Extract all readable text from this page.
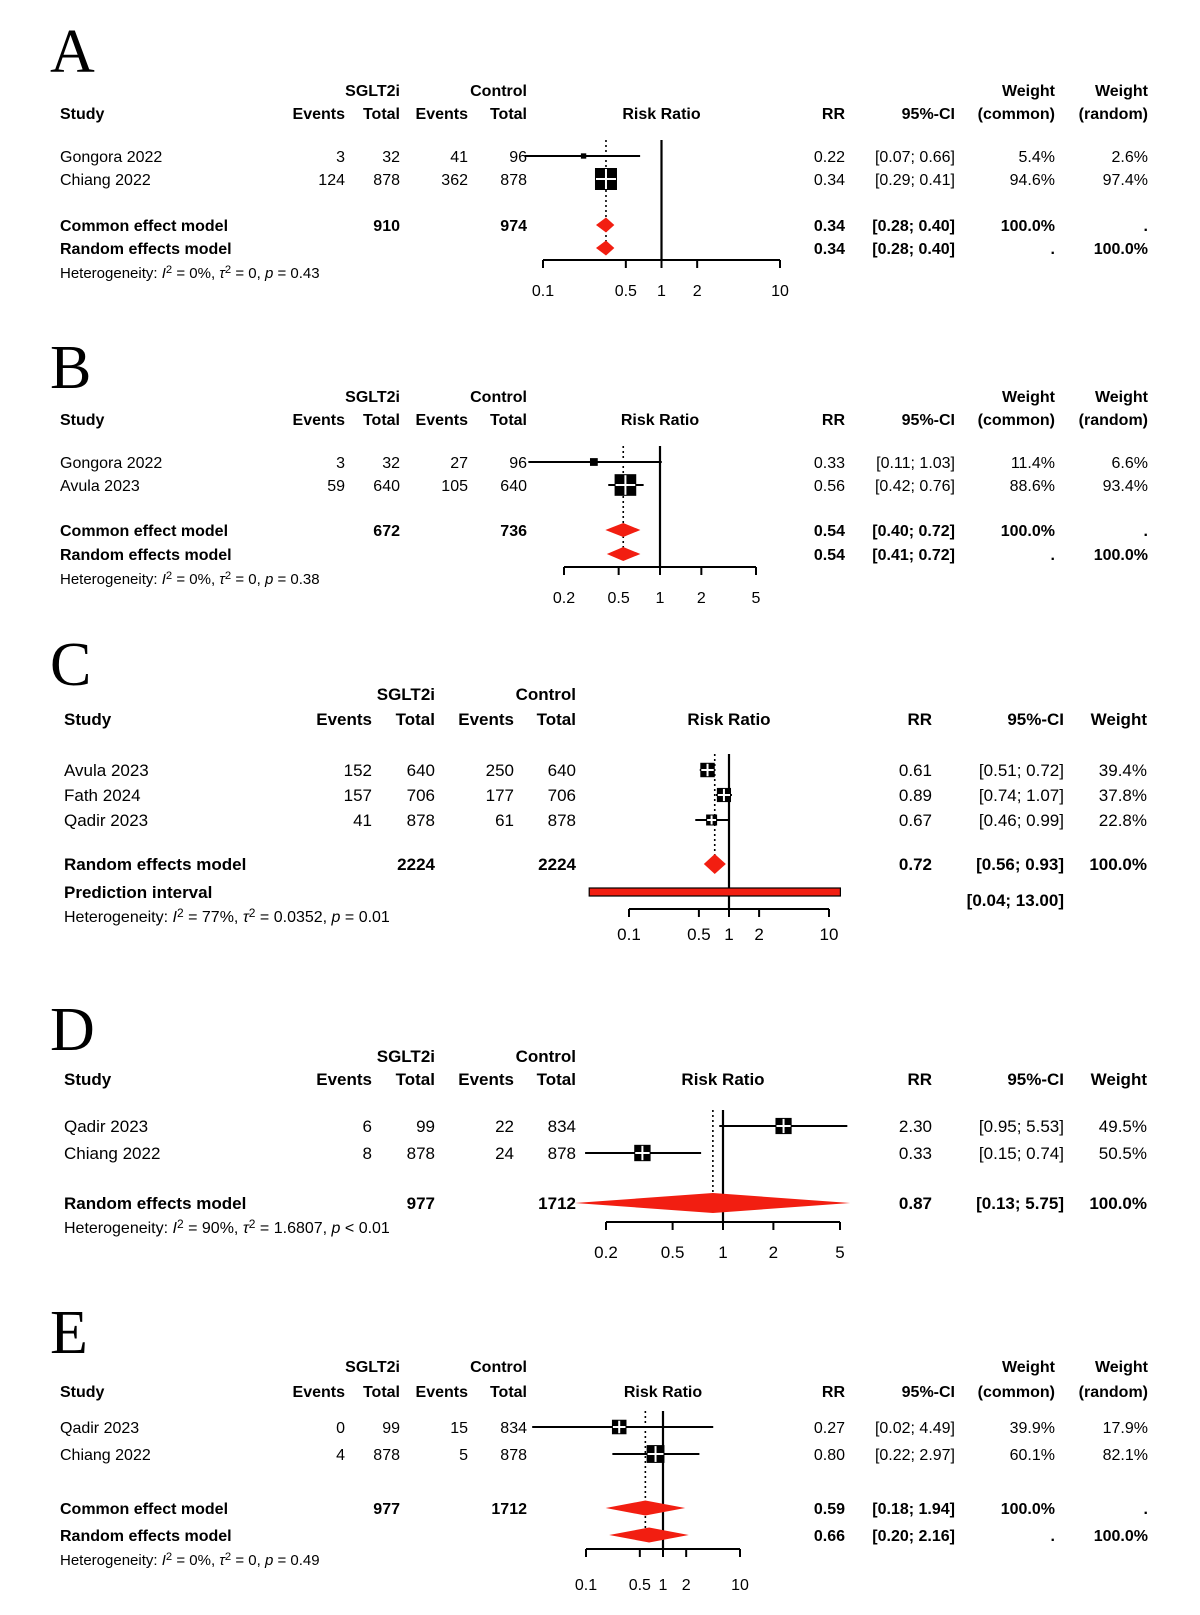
A
SGLT2i	Control	Weight Weight
Study	Events Total Events Total	Risk Ratio	RR	95%-CI (common) (random)
Gongora 2022	3 32	41	96	0.22 [0.07; 0.66]	5.4%	2.6%
Chiang 2022	124 878	362 878	0.34 [0.29; 0.41]	94.6%	97.4%
Common effect model	910	974	0.34 [0.28; 0.40]	100.0%	.
Random effects model	0.34 [0.28; 0.40]	. 100.0%
Heterogeneity: $I^2 = 0\%$, $\tau^2 = 0$, p = 0.43
0.1	0.5 1 2	10
B	SGLT2i	Control	Weight Weight
Study	Events Total Events Total	Risk Ratio	RR	95%-CI (common) (random)
Gongora 2022	3 32	27	96	0.33 [0.11; 1.03]	11.4%	6.6%
Avula 2023	59 640	105 640	0.56 [0.42; 0.76]	88.6%	93.4%
Common effect model	672	736	0.54 [0.40; 0.72]	100.0%	.
Random effects model	0.54 [0.41; 0.72]	. 100.0%
Heterogeneity: $I^2 = 0\%$, $\tau^2 = 0$, p = 0.38
0.2 0.5 1 2	5
C	SGLT2i	Control
Study	Events Total Events Total	Risk Ratio	RR	95%-CI Weight
Avula 2023	152 640	250 640	0.61	[0.51; 0.72] 39.4%
Fath 2024	157 706	177 706	0.89	[0.74; 1.07] 37.8%
Qadir 2023	41 878	61 878	0.67	[0.46; 0.99] 22.8%
Random effects model	2224	2224	0.72	[0.56; 0.93] 100.0%
Prediction interval	[0.04; 13.00]
Heterogeneity: $I^2 = 77\%$, $\tau^2 = 0.0352$, p = 0.01
0.1	0.5 1 2	10
D	SGLT2i	Control
Study	Events Total Events Total	Risk Ratio	RR	95%-CI Weight
Qadir 2023	6	99	22 834	2.30	[0.95; 5.53] 49.5%
Chiang 2022	8 878	24 878	0.33	[0.15; 0.74] 50.5%
Random effects model	977	1712	0.87	[0.13; 5.75] 100.0%
Heterogeneity: $I^2 = 90\%$, $\tau^2 = 1.6807$, p < 0.01
0.2	0.5 1 2	5
E
SGLT2i	Control	Weight Weight
Study	Events Total Events Total	Risk Ratio	RR	95%-CI (common) (random)
Qadir 2023	0 99	15 834	0.27 [0.02; 4.49]	39.9%	17.9%
Chiang 2022	4 878	5 878	0.80 [0.22; 2.97]	60.1%	82.1%
Common effect model	977	1712	0.59 [0.18; 1.94]	100.0%	.
Random effects model	0.66 [0.20; 2.16]	. 100.0%
Heterogeneity: $I^2 = 0\%$, $\tau^2 = 0$, p = 0.49
0.1 0.5 1 2	10
